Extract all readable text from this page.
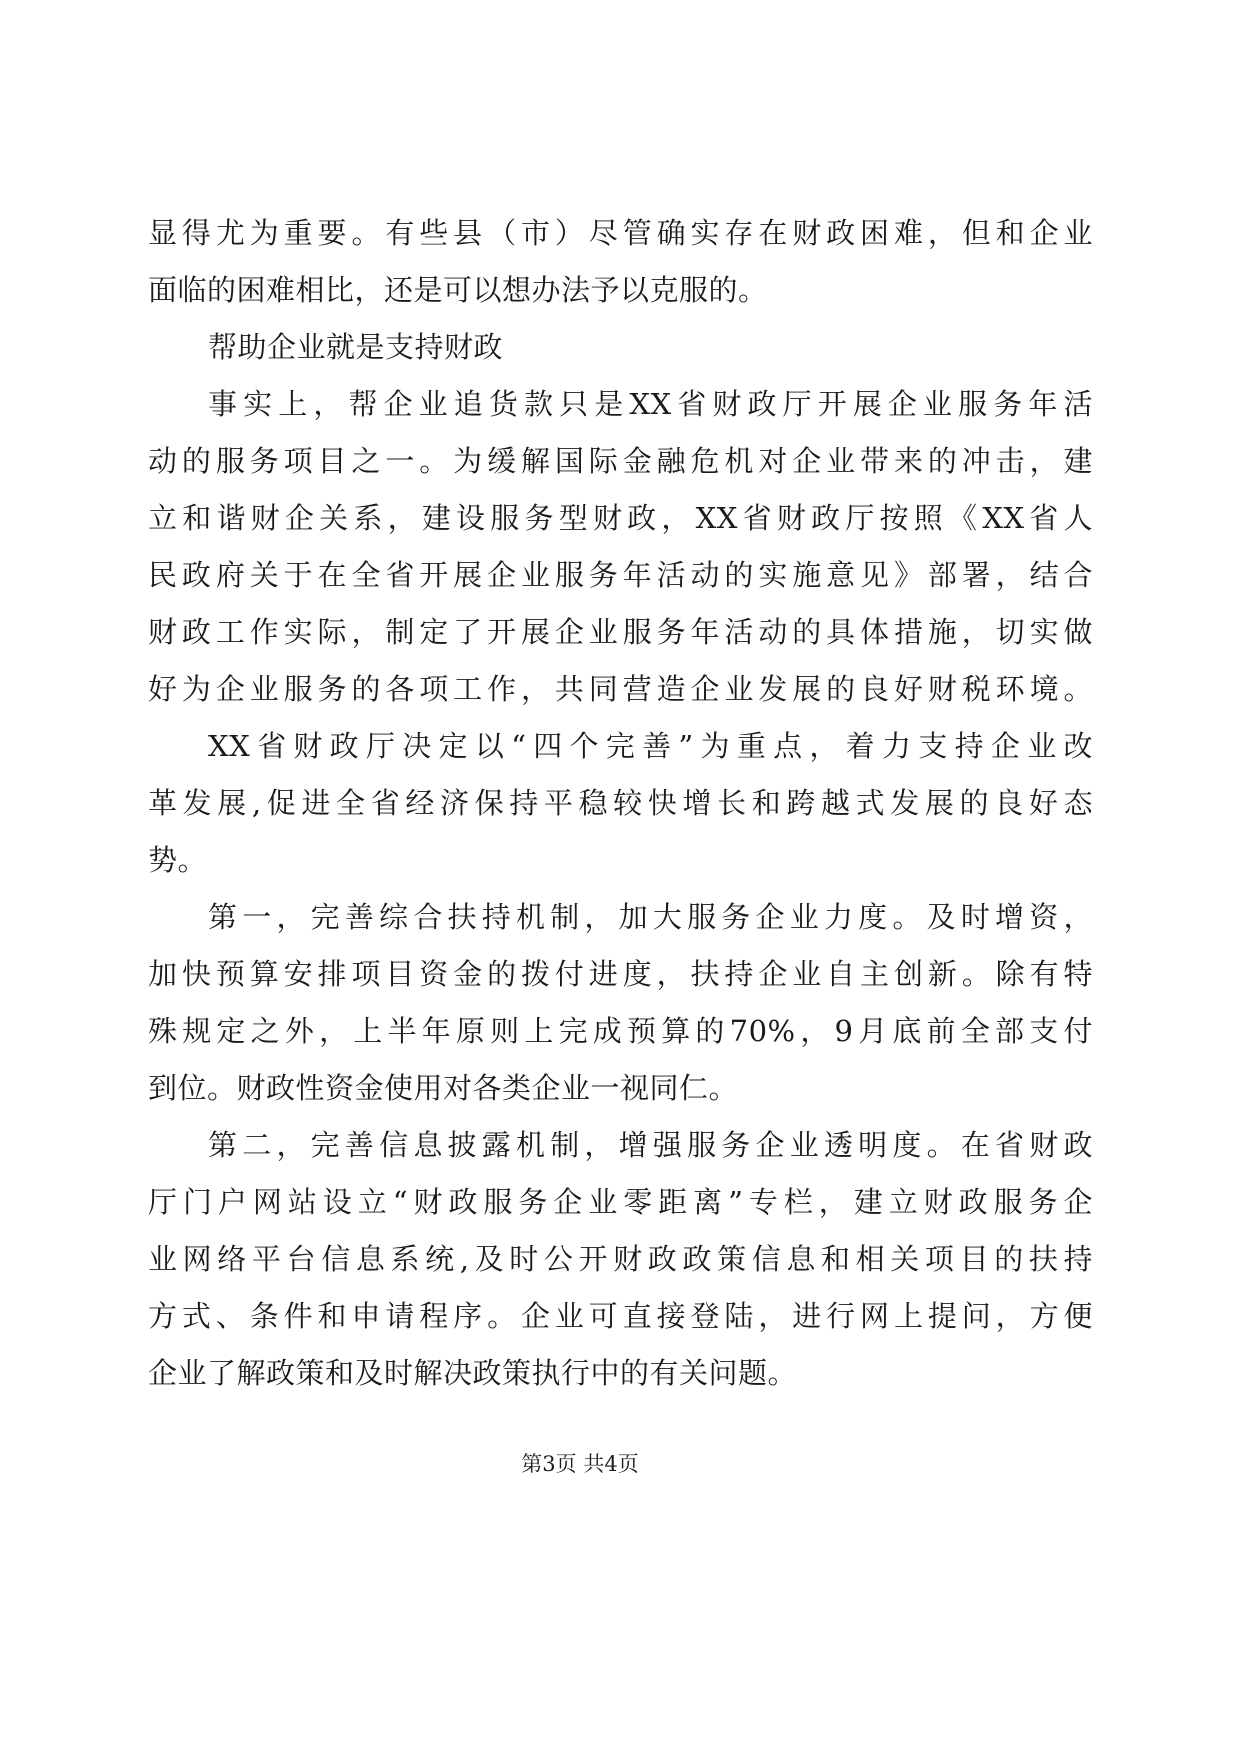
显得尤为重要。有些县（市）尽管确实存在财政困难，但和企业
面临的困难相比，还是可以想办法予以克服的。
帮助企业就是支持财政
事实上，帮企业追货款只是XX省财政厅开展企业服务年活
动的服务项目之一。为缓解国际金融危机对企业带来的冲击，建
立和谐财企关系，建设服务型财政，XX省财政厅按照《XX省人
民政府关于在全省开展企业服务年活动的实施意见》部署，结合
财政工作实际，制定了开展企业服务年活动的具体措施，切实做
好为企业服务的各项工作，共同营造企业发展的良好财税环境。
XX省财政厅决定以“四个完善”为重点，着力支持企业改
革发展,促进全省经济保持平稳较快增长和跨越式发展的良好态
势。
第一，完善综合扶持机制，加大服务企业力度。及时增资，
加快预算安排项目资金的拨付进度，扶持企业自主创新。除有特
殊规定之外，上半年原则上完成预算的70%，9月底前全部支付
到位。财政性资金使用对各类企业一视同仁。
第二，完善信息披露机制，增强服务企业透明度。在省财政
厅门户网站设立“财政服务企业零距离”专栏，建立财政服务企
业网络平台信息系统,及时公开财政政策信息和相关项目的扶持
方式、条件和申请程序。企业可直接登陆，进行网上提问，方便
企业了解政策和及时解决政策执行中的有关问题。
第3页 共4页
